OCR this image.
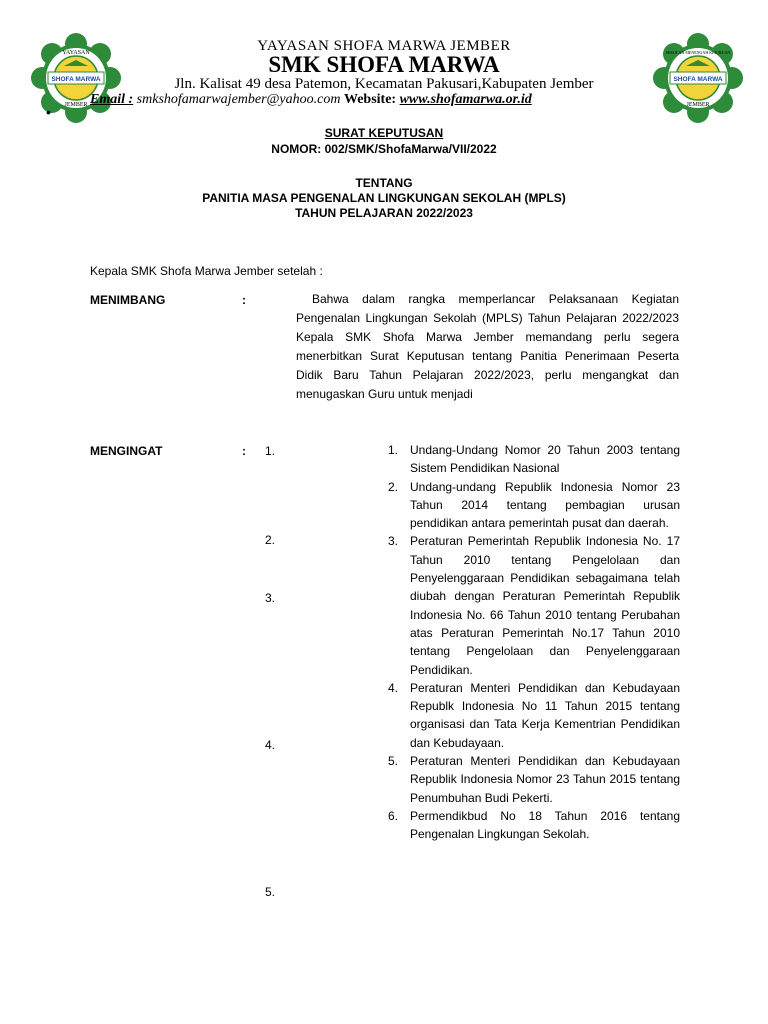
YAYASAN
SHOFA MARWA
JEMBER
SEKOLAH MENENGAH KEJURUAN
SHOFA MARWA
JEMBER
YAYASAN SHOFA MARWA JEMBER
SMK SHOFA MARWA
Jln. Kalisat 49 desa Patemon, Kecamatan Pakusari,Kabupaten Jember
Email : smkshofamarwajember@yahoo.com Website: www.shofamarwa.or.id
•
SURAT KEPUTUSAN
NOMOR: 002/SMK/ShofaMarwa/VII/2022
TENTANG
PANITIA MASA PENGENALAN LINGKUNGAN SEKOLAH (MPLS)
TAHUN PELAJARAN 2022/2023
Kepala SMK Shofa Marwa Jember setelah :
MENIMBANG	:	Bahwa dalam rangka memperlancar Pelaksanaan Kegiatan Pengenalan Lingkungan Sekolah (MPLS) Tahun Pelajaran 2022/2023 Kepala SMK Shofa Marwa Jember memandang perlu segera menerbitkan Surat Keputusan tentang Panitia Penerimaan Peserta Didik Baru Tahun Pelajaran 2022/2023, perlu mengangkat dan menugaskan Guru untuk menjadi
MENGINGAT	: 1.
2.
3.
4.
5.
1. Undang-Undang Nomor 20 Tahun 2003 tentang Sistem Pendidikan Nasional
2. Undang-undang Republik Indonesia Nomor 23 Tahun 2014 tentang pembagian urusan pendidikan antara pemerintah pusat dan daerah.
3. Peraturan Pemerintah Republik Indonesia No. 17 Tahun 2010 tentang Pengelolaan dan Penyelenggaraan Pendidikan sebagaimana telah diubah dengan Peraturan Pemerintah Republik Indonesia No. 66 Tahun 2010 tentang Perubahan atas Peraturan Pemerintah No.17 Tahun 2010 tentang Pengelolaan dan Penyelenggaraan Pendidikan.
4. Peraturan Menteri Pendidikan dan Kebudayaan Republk Indonesia No 11 Tahun 2015 tentang organisasi dan Tata Kerja Kementrian Pendidikan dan Kebudayaan.
5. Peraturan Menteri Pendidikan dan Kebudayaan Republik Indonesia Nomor 23 Tahun 2015 tentang Penumbuhan Budi Pekerti.
6. Permendikbud No 18 Tahun 2016 tentang Pengenalan Lingkungan Sekolah.
